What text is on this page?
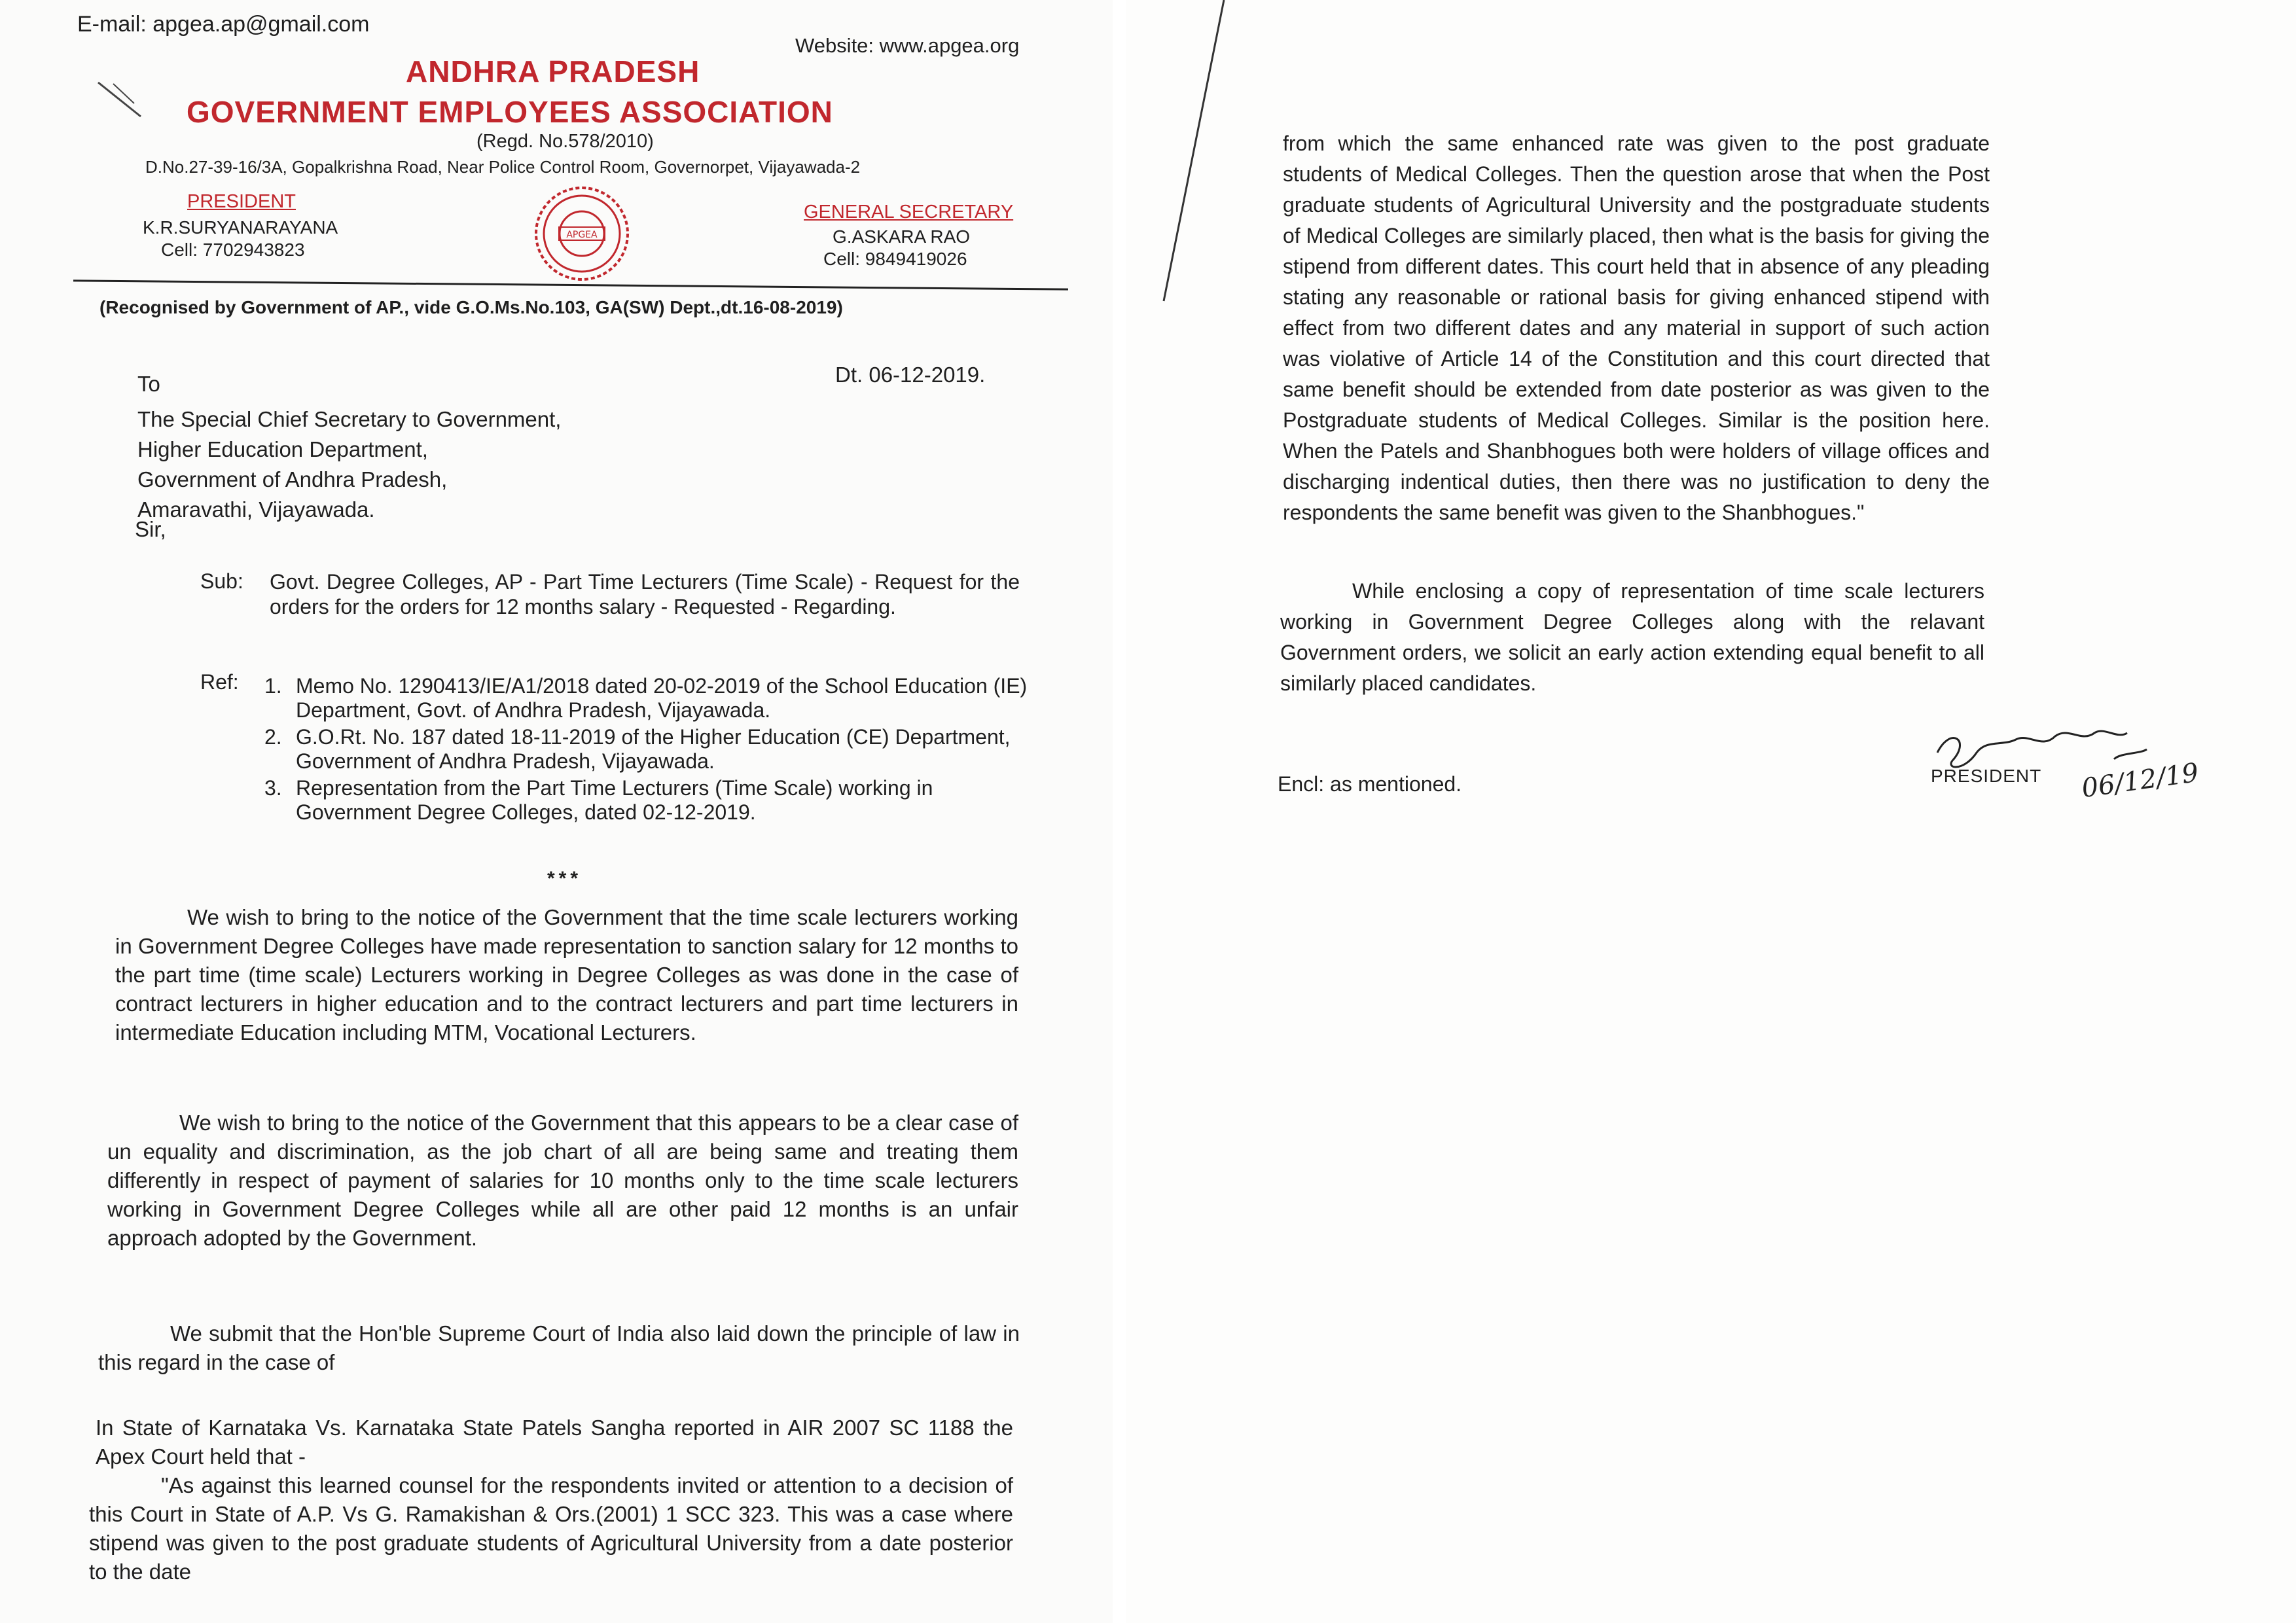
E-mail: apgea.ap@gmail.com
Website: www.apgea.org
ANDHRA PRADESH
GOVERNMENT EMPLOYEES ASSOCIATION
(Regd. No.578/2010)
D.No.27-39-16/3A, Gopalkrishna Road, Near Police Control Room, Governorpet, Vijayawada-2
PRESIDENT
K.R.SURYANARAYANA
Cell: 7702943823
APGEA
GENERAL SECRETARY
G.ASKARA RAO
Cell: 9849419026
(Recognised by Government of AP., vide G.O.Ms.No.103, GA(SW) Dept.,dt.16-08-2019)
Dt. 06-12-2019.
To
The Special Chief Secretary to Government,
Higher Education Department,
Government of Andhra Pradesh,
Amaravathi, Vijayawada.
Sir,
Sub: Govt. Degree Colleges, AP - Part Time Lecturers (Time Scale) - Request for the orders for the orders for 12 months salary - Requested - Regarding.
Ref: 1. Memo No. 1290413/IE/A1/2018 dated 20-02-2019 of the School Education (IE) Department, Govt. of Andhra Pradesh, Vijayawada.
2. G.O.Rt. No. 187 dated 18-11-2019 of the Higher Education (CE) Department, Government of Andhra Pradesh, Vijayawada.
3. Representation from the Part Time Lecturers (Time Scale) working in Government Degree Colleges, dated 02-12-2019.
***

We wish to bring to the notice of the Government that the time scale lecturers working in Government Degree Colleges have made representation to sanction salary for 12 months to the part time (time scale) Lecturers working in Degree Colleges as was done in the case of contract lecturers in higher education and to the contract lecturers and part time lecturers in intermediate Education including MTM, Vocational Lecturers.

We wish to bring to the notice of the Government that this appears to be a clear case of un equality and discrimination, as the job chart of all are being same and treating them differently in respect of payment of salaries for 10 months only to the time scale lecturers working in Government Degree Colleges while all are other paid 12 months is an unfair approach adopted by the Government.

We submit that the Hon'ble Supreme Court of India also laid down the principle of law in this regard in the case of

In State of Karnataka Vs. Karnataka State Patels Sangha reported in AIR 2007 SC 1188 the Apex Court held that -

"As against this learned counsel for the respondents invited or attention to a decision of this Court in State of A.P. Vs G. Ramakishan & Ors.(2001) 1 SCC 323. This was a case where stipend was given to the post graduate students of Agricultural University from a date posterior to the date

from which the same enhanced rate was given to the post graduate students of Medical Colleges. Then the question arose that when the Post graduate students of Agricultural University and the postgraduate students of Medical Colleges are similarly placed, then what is the basis for giving the stipend from different dates. This court held that in absence of any pleading stating any reasonable or rational basis for giving enhanced stipend with effect from two different dates and any material in support of such action was violative of Article 14 of the Constitution and this court directed that same benefit should be extended from date posterior as was given to the Postgraduate students of Medical Colleges. Similar is the position here. When the Patels and Shanbhogues both were holders of village offices and discharging indentical duties, then there was no justification to deny the respondents the same benefit was given to the Shanbhogues."

While enclosing a copy of representation of time scale lecturers working in Government Degree Colleges along with the relavant Government orders, we solicit an early action extending equal benefit to all similarly placed candidates.

Encl: as mentioned.	PRESIDENT 06/12/19
